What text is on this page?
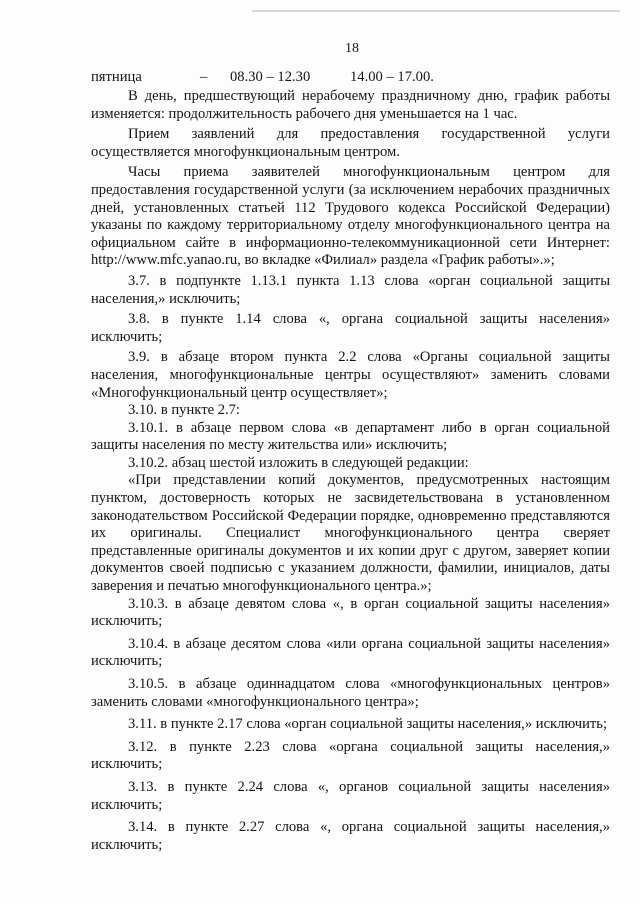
18
пятница	– 08.30 – 12.30	14.00 – 17.00.

В день, предшествующий нерабочему праздничному дню, график работы изменяется: продолжительность рабочего дня уменьшается на 1 час.

Прием заявлений для предоставления государственной услуги осуществляется многофункциональным центром.

Часы приема заявителей многофункциональным центром для предоставления государственной услуги (за исключением нерабочих праздничных дней, установленных статьей 112 Трудового кодекса Российской Федерации) указаны по каждому территориальному отделу многофункционального центра на официальном сайте в информационно-телекоммуникационной сети Интернет: http://www.mfc.yanao.ru, во вкладке «Филиал» раздела «График работы».»;

3.7. в подпункте 1.13.1 пункта 1.13 слова «орган социальной защиты населения,» исключить;

3.8. в пункте 1.14 слова «, органа социальной защиты населения» исключить;

3.9. в абзаце втором пункта 2.2 слова «Органы социальной защиты населения, многофункциональные центры осуществляют» заменить словами «Многофункциональный центр осуществляет»;

3.10. в пункте 2.7:

3.10.1. в абзаце первом слова «в департамент либо в орган социальной защиты населения по месту жительства или» исключить;

3.10.2. абзац шестой изложить в следующей редакции:

«При представлении копий документов, предусмотренных настоящим пунктом, достоверность которых не засвидетельствована в установленном законодательством Российской Федерации порядке, одновременно представляются их оригиналы. Специалист многофункционального центра сверяет представленные оригиналы документов и их копии друг с другом, заверяет копии документов своей подписью с указанием должности, фамилии, инициалов, даты заверения и печатью многофункционального центра.»;

3.10.3. в абзаце девятом слова «, в орган социальной защиты населения» исключить;

3.10.4. в абзаце десятом слова «или органа социальной защиты населения» исключить;

3.10.5. в абзаце одиннадцатом слова «многофункциональных центров» заменить словами «многофункционального центра»;

3.11. в пункте 2.17 слова «орган социальной защиты населения,» исключить;

3.12. в пункте 2.23 слова «органа социальной защиты населения,» исключить;

3.13. в пункте 2.24 слова «, органов социальной защиты населения» исключить;

3.14. в пункте 2.27 слова «, органа социальной защиты населения,» исключить;
